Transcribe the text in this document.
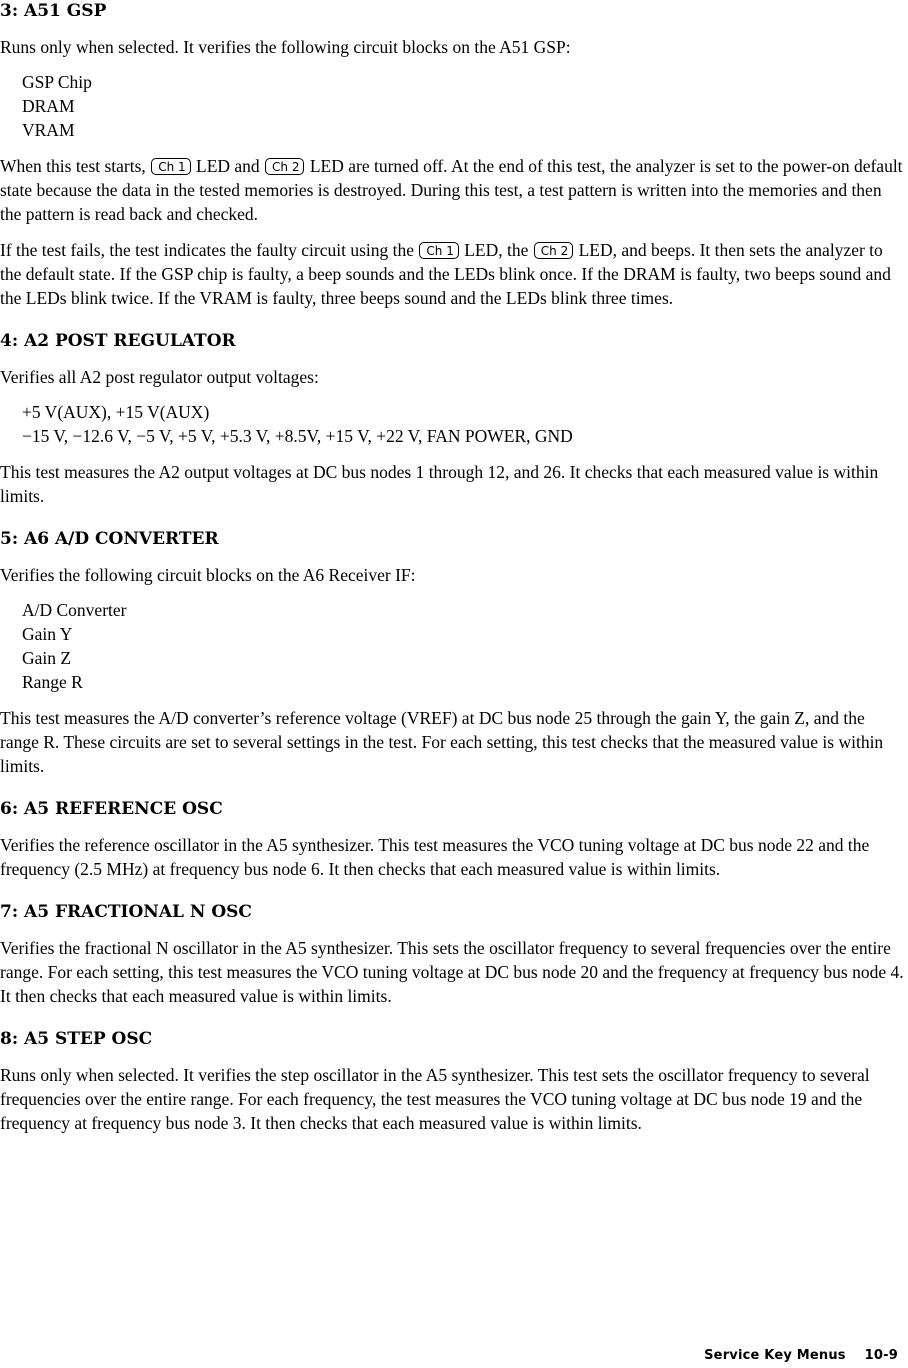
3: A51 GSP

Runs only when selected. It verifies the following circuit blocks on the A51 GSP:

GSP Chip
DRAM
VRAM

When this test starts, Ch 1 LED and Ch 2 LED are turned off. At the end of this test, the analyzer is set to the power-on default state because the data in the tested memories is destroyed. During this test, a test pattern is written into the memories and then the pattern is read back and checked.

If the test fails, the test indicates the faulty circuit using the Ch 1 LED, the Ch 2 LED, and beeps. It then sets the analyzer to the default state. If the GSP chip is faulty, a beep sounds and the LEDs blink once. If the DRAM is faulty, two beeps sound and the LEDs blink twice. If the VRAM is faulty, three beeps sound and the LEDs blink three times.

4: A2 POST REGULATOR

Verifies all A2 post regulator output voltages:

+5 V(AUX), +15 V(AUX)
−15 V, −12.6 V, −5 V, +5 V, +5.3 V, +8.5V, +15 V, +22 V, FAN POWER, GND

This test measures the A2 output voltages at DC bus nodes 1 through 12, and 26. It checks that each measured value is within limits.

5: A6 A/D CONVERTER

Verifies the following circuit blocks on the A6 Receiver IF:

A/D Converter
Gain Y
Gain Z
Range R

This test measures the A/D converter’s reference voltage (VREF) at DC bus node 25 through the gain Y, the gain Z, and the range R. These circuits are set to several settings in the test. For each setting, this test checks that the measured value is within limits.

6: A5 REFERENCE OSC

Verifies the reference oscillator in the A5 synthesizer. This test measures the VCO tuning voltage at DC bus node 22 and the frequency (2.5 MHz) at frequency bus node 6. It then checks that each measured value is within limits.

7: A5 FRACTIONAL N OSC

Verifies the fractional N oscillator in the A5 synthesizer. This sets the oscillator frequency to several frequencies over the entire range. For each setting, this test measures the VCO tuning voltage at DC bus node 20 and the frequency at frequency bus node 4. It then checks that each measured value is within limits.

8: A5 STEP OSC

Runs only when selected. It verifies the step oscillator in the A5 synthesizer. This test sets the oscillator frequency to several frequencies over the entire range. For each frequency, the test measures the VCO tuning voltage at DC bus node 19 and the frequency at frequency bus node 3. It then checks that each measured value is within limits.

Service Key Menus 10-9
